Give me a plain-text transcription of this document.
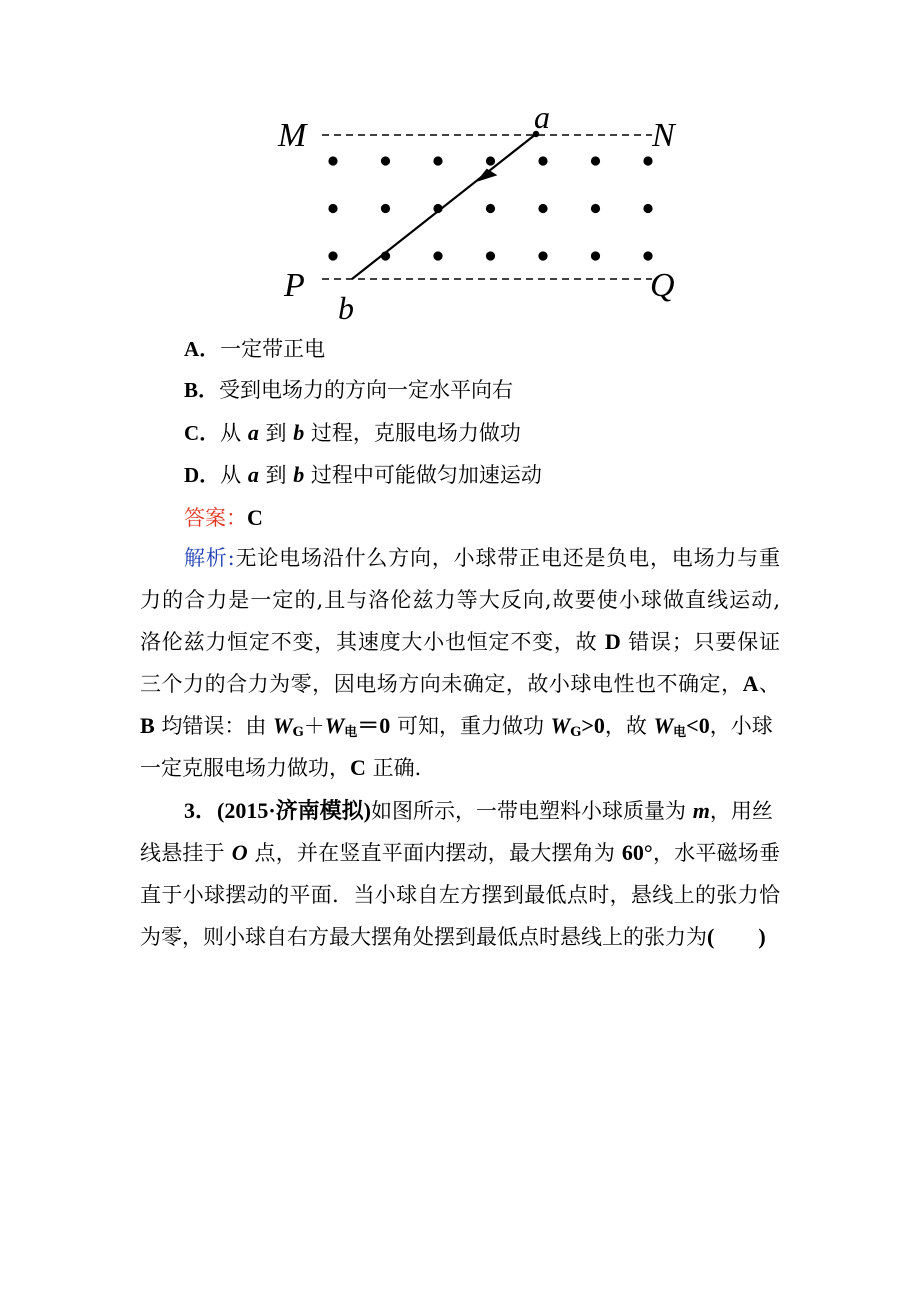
M	N
P	Q
a
b
A．一定带正电
B．受到电场力的方向一定水平向右
C．从 a 到 b 过程，克服电场力做功
D．从 a 到 b 过程中可能做匀加速运动
答案：C
解析:无论电场沿什么方向，小球带正电还是负电，电场力与重
力的合力是一定的,且与洛伦兹力等大反向,故要使小球做直线运动,
洛伦兹力恒定不变，其速度大小也恒定不变，故 D 错误；只要保证
三个力的合力为零，因电场方向未确定，故小球电性也不确定，A、
B 均错误：由 $W_G+W_电=0$ 可知，重力做功 $W_G>0$，故 $W_电<0$，小球
一定克服电场力做功，C 正确．
3．(2015·济南模拟)如图所示，一带电塑料小球质量为 m，用丝
线悬挂于 O 点，并在竖直平面内摆动，最大摆角为 60°，水平磁场垂
直于小球摆动的平面．当小球自左方摆到最低点时，悬线上的张力恰
为零，则小球自右方最大摆角处摆到最低点时悬线上的张力为( )
